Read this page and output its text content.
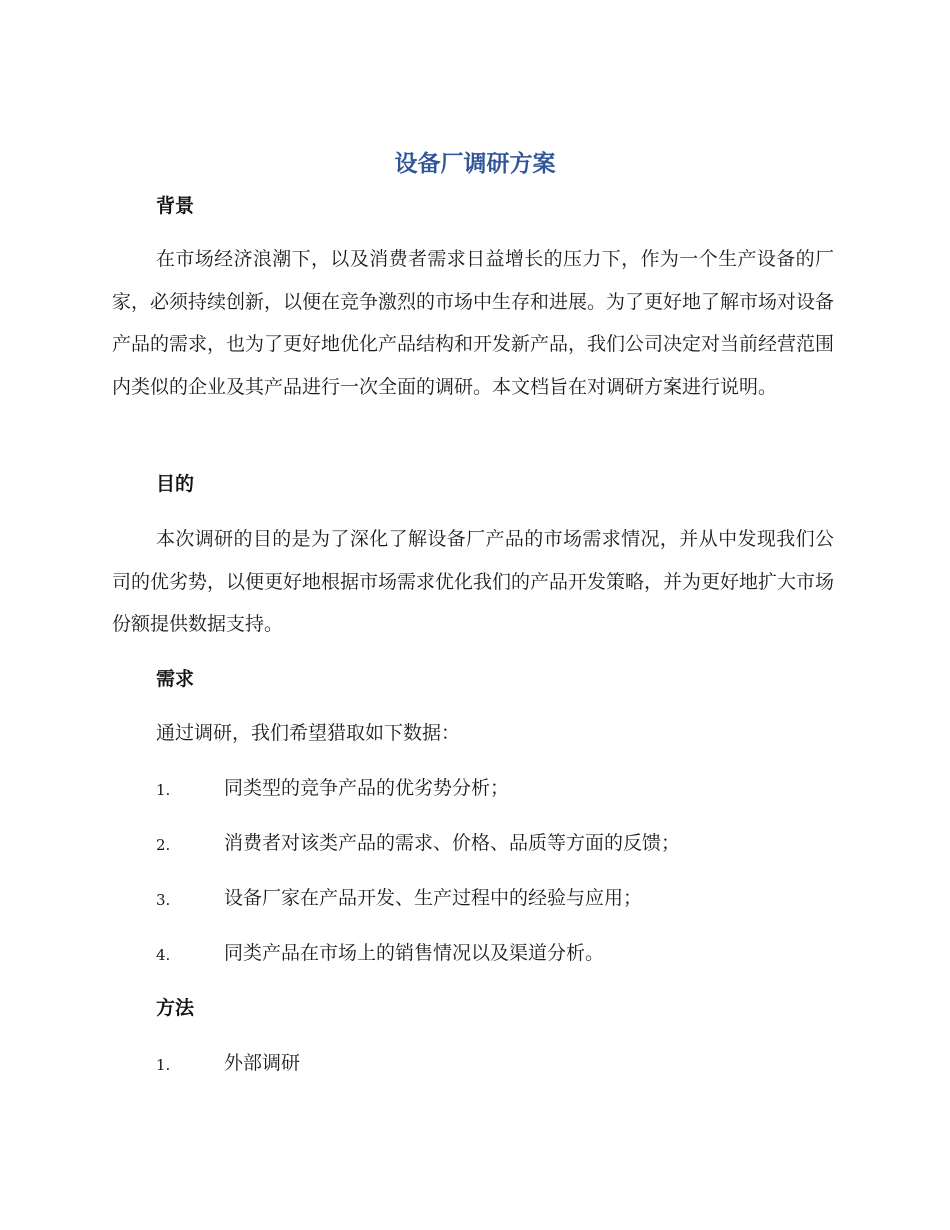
设备厂调研方案
背景
在市场经济浪潮下，以及消费者需求日益增长的压力下，作为一个生产设备的厂家，必须持续创新，以便在竞争激烈的市场中生存和进展。为了更好地了解市场对设备产品的需求，也为了更好地优化产品结构和开发新产品，我们公司决定对当前经营范围内类似的企业及其产品进行一次全面的调研。本文档旨在对调研方案进行说明。
目的
本次调研的目的是为了深化了解设备厂产品的市场需求情况，并从中发现我们公司的优劣势，以便更好地根据市场需求优化我们的产品开发策略，并为更好地扩大市场份额提供数据支持。
需求
通过调研，我们希望猎取如下数据：
1.	同类型的竞争产品的优劣势分析；
2.	消费者对该类产品的需求、价格、品质等方面的反馈；
3.	设备厂家在产品开发、生产过程中的经验与应用；
4.	同类产品在市场上的销售情况以及渠道分析。
方法
1.	外部调研
